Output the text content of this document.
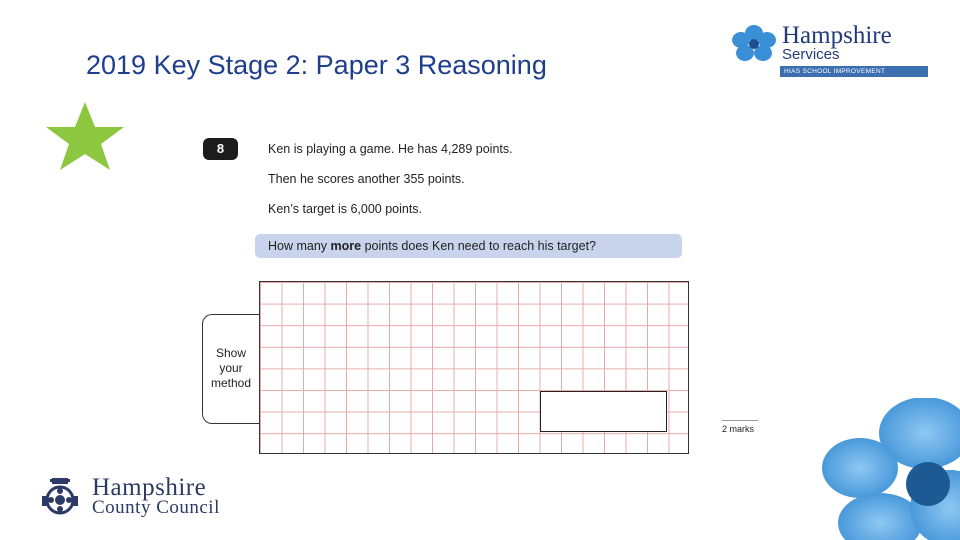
2019 Key Stage 2: Paper 3 Reasoning
Hampshire
Services
HIAS SCHOOL IMPROVEMENT
8	Ken is playing a game. He has 4,289 points.
Then he scores another 355 points.
Ken’s target is 6,000 points.
How many more points does Ken need to reach his target?
Show
your
method
2 marks
Hampshire
County Council
